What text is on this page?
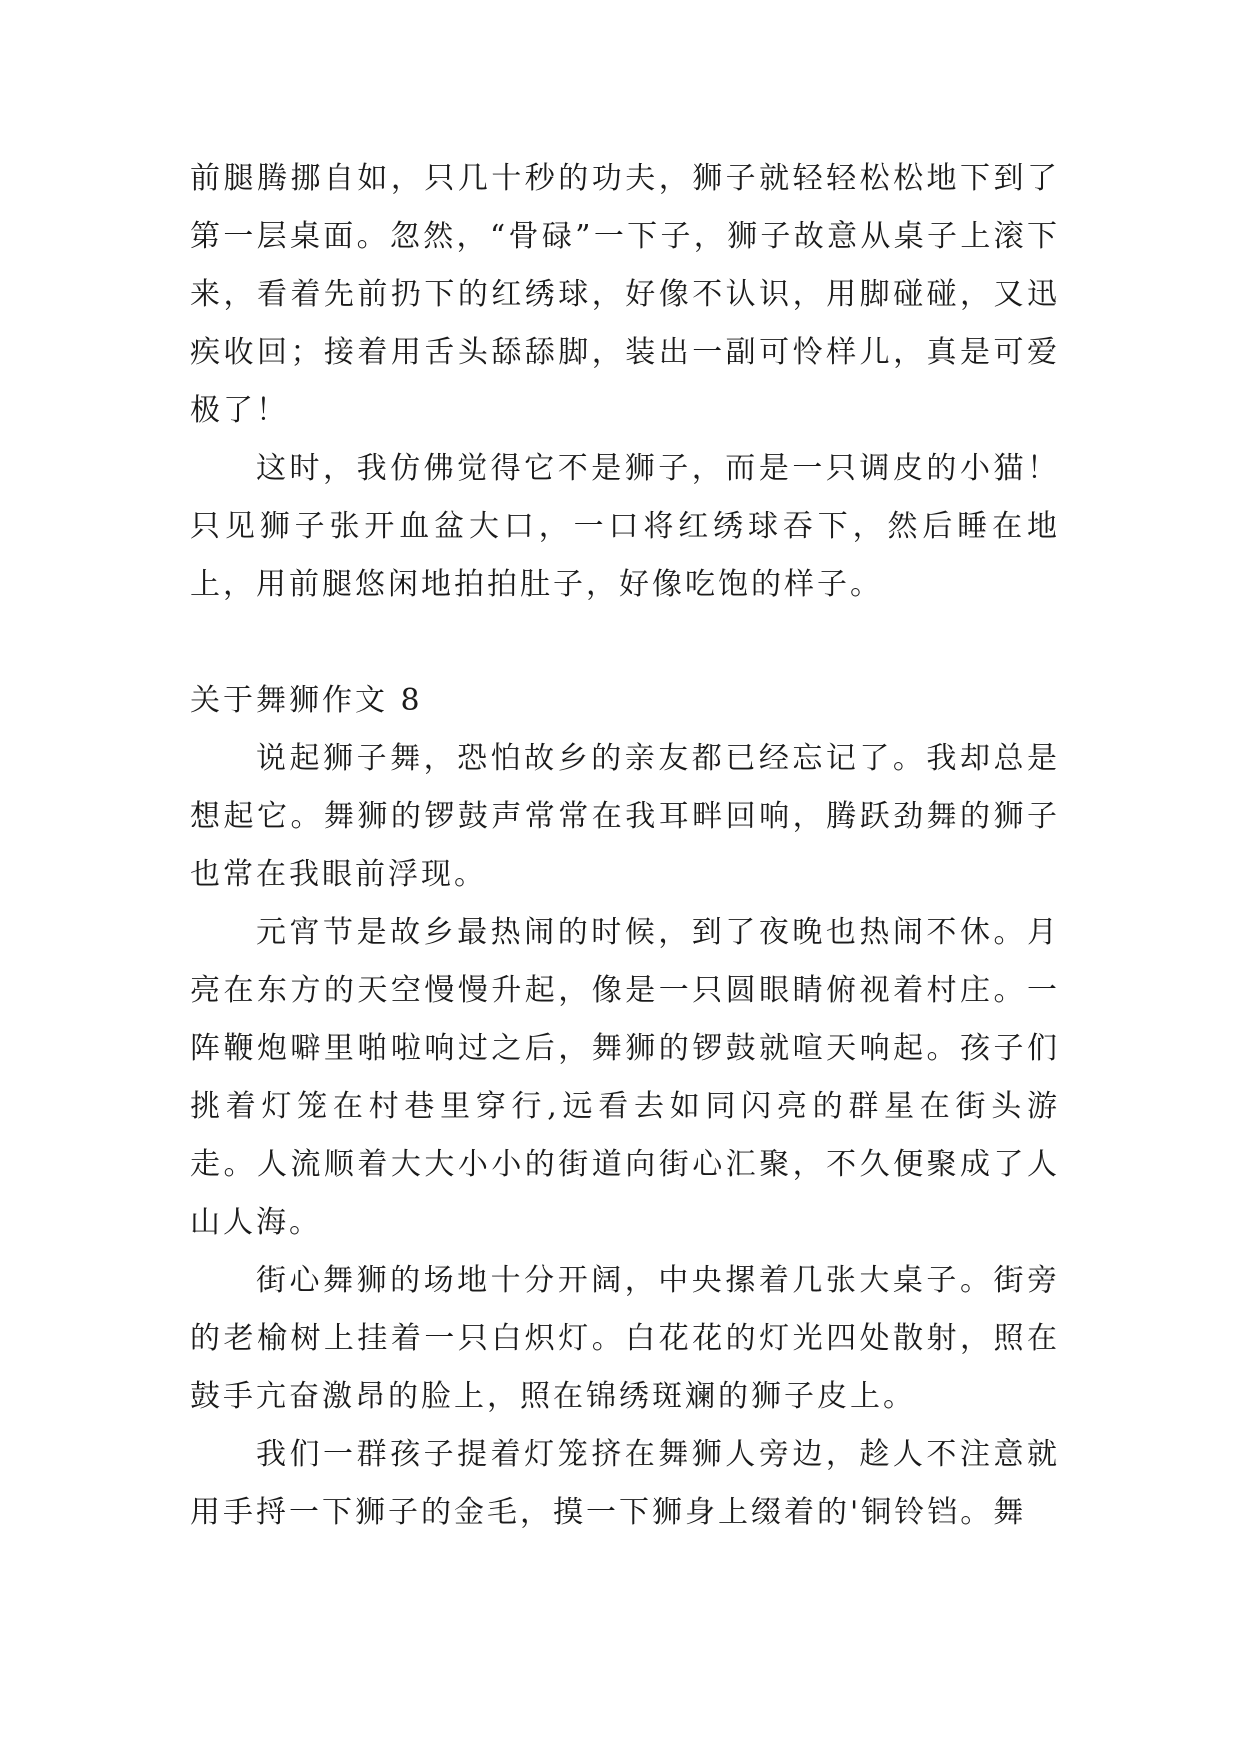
前腿腾挪自如，只几十秒的功夫，狮子就轻轻松松地下到了第一层桌面。忽然，“骨碌”一下子，狮子故意从桌子上滚下来，看着先前扔下的红绣球，好像不认识，用脚碰碰，又迅疾收回；接着用舌头舔舔脚，装出一副可怜样儿，真是可爱极了！

这时，我仿佛觉得它不是狮子，而是一只调皮的小猫！只见狮子张开血盆大口，一口将红绣球吞下，然后睡在地上，用前腿悠闲地拍拍肚子，好像吃饱的样子。

关于舞狮作文 8

说起狮子舞，恐怕故乡的亲友都已经忘记了。我却总是想起它。舞狮的锣鼓声常常在我耳畔回响，腾跃劲舞的狮子也常在我眼前浮现。

元宵节是故乡最热闹的时候，到了夜晚也热闹不休。月亮在东方的天空慢慢升起，像是一只圆眼睛俯视着村庄。一阵鞭炮噼里啪啦响过之后，舞狮的锣鼓就喧天响起。孩子们挑着灯笼在村巷里穿行,远看去如同闪亮的群星在街头游走。人流顺着大大小小的街道向街心汇聚，不久便聚成了人山人海。

街心舞狮的场地十分开阔，中央摞着几张大桌子。街旁的老榆树上挂着一只白炽灯。白花花的灯光四处散射，照在鼓手亢奋激昂的脸上，照在锦绣斑斓的狮子皮上。

我们一群孩子提着灯笼挤在舞狮人旁边，趁人不注意就用手捋一下狮子的金毛，摸一下狮身上缀着的'铜铃铛。舞
